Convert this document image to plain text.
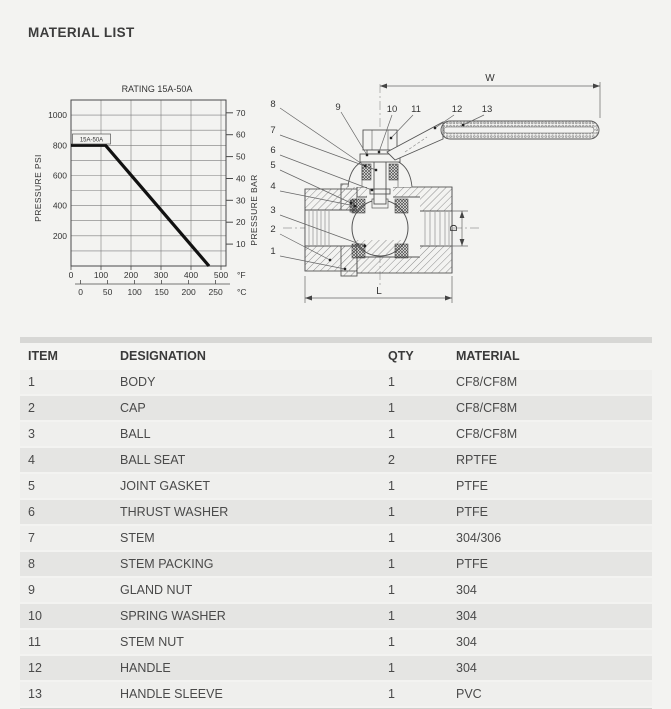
MATERIAL LIST
RATING 15A-50A
200
400
600
800
1000
PRESSURE PSI
10
20
30
40
50
60
70
PRESSURE BAR
0 100 200 300 400 500 °F
0 50 100 150 200 250 °C
15A-50A
W
D
L
1
2
3
4
5
6
7
8	9	10 11	12 13
ITEM	DESIGNATION	QTY	MATERIAL
1	BODY	1	CF8/CF8M
2	CAP	1	CF8/CF8M
3	BALL	1	CF8/CF8M
4	BALL SEAT	2	RPTFE
5	JOINT GASKET	1	PTFE
6	THRUST WASHER	1	PTFE
7	STEM	1	304/306
8	STEM PACKING	1	PTFE
9	GLAND NUT	1	304
10	SPRING WASHER	1	304
11	STEM NUT	1	304
12	HANDLE	1	304
13	HANDLE SLEEVE	1	PVC
